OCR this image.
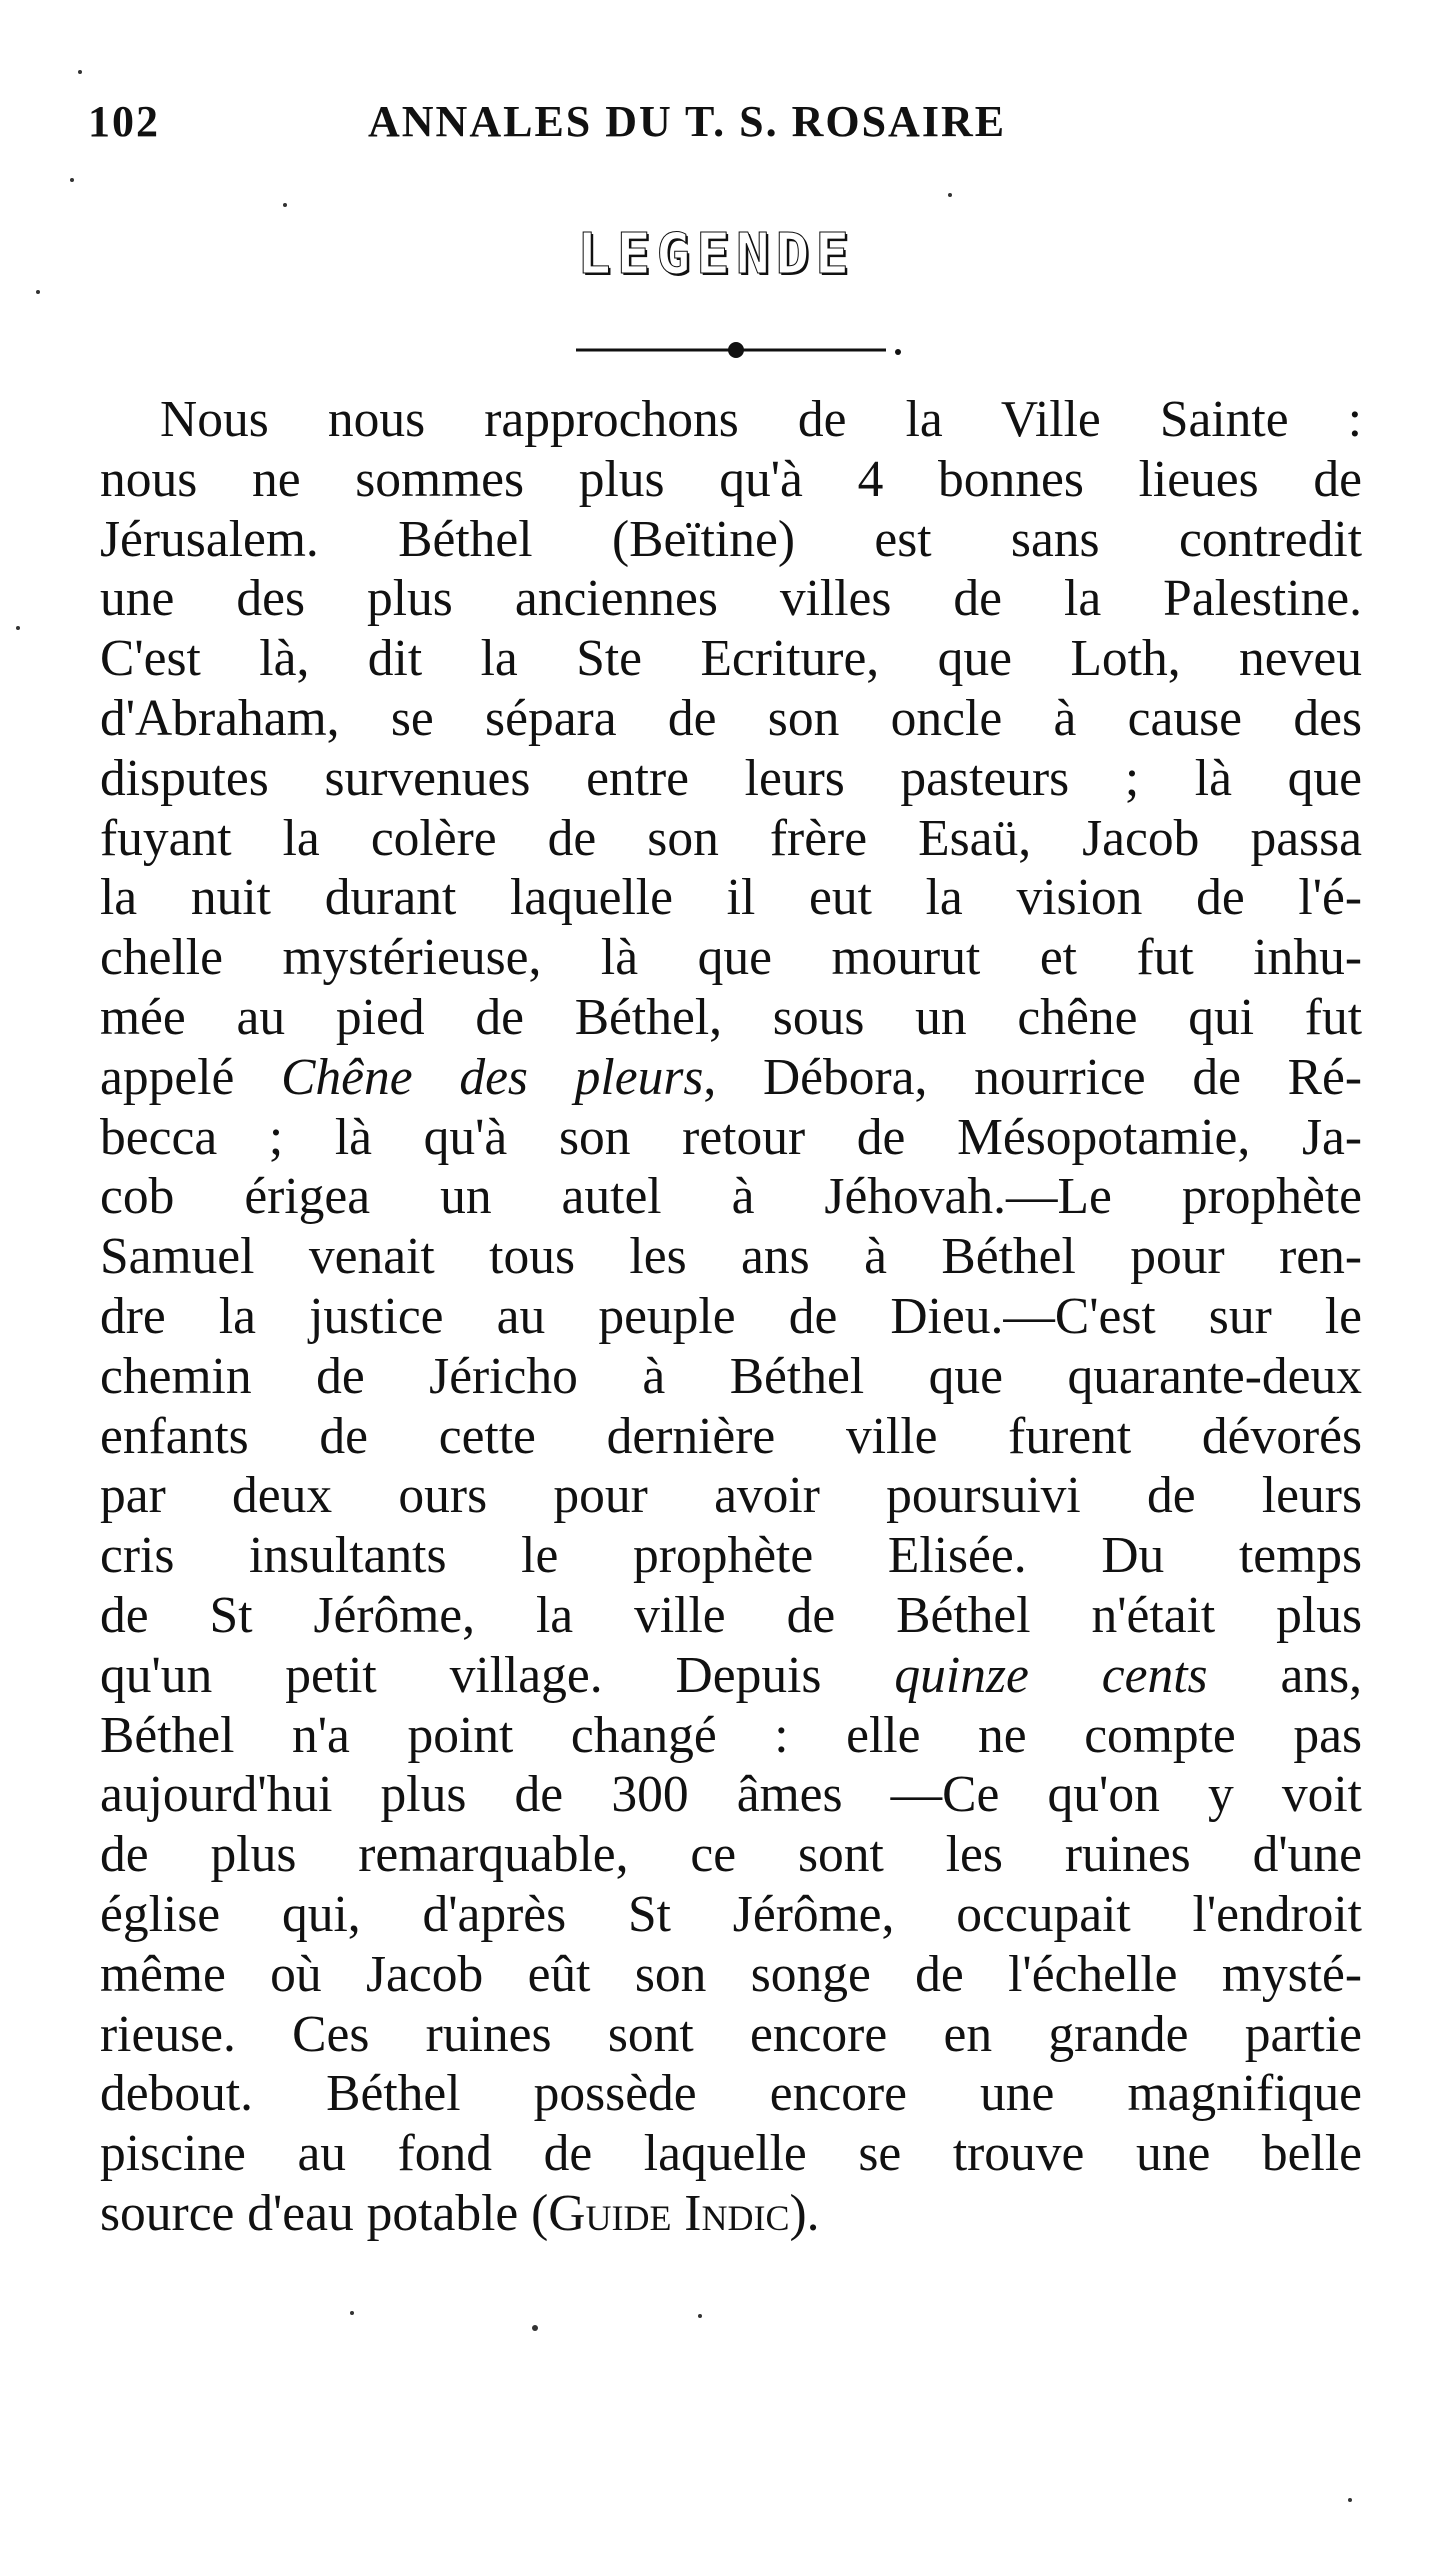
102	ANNALES DU T. S. ROSAIRE
LEGENDE
Nous nous rapprochons de la Ville Sainte :
nous ne sommes plus qu'à 4 bonnes lieues de
Jérusalem. Béthel (Beïtine) est sans contredit
une des plus anciennes villes de la Palestine.
C'est là, dit la Ste Ecriture, que Loth, neveu
d'Abraham, se sépara de son oncle à cause des
disputes survenues entre leurs pasteurs ; là que
fuyant la colère de son frère Esaü, Jacob passa
la nuit durant laquelle il eut la vision de l'é-
chelle mystérieuse, là que mourut et fut inhu-
mée au pied de Béthel, sous un chêne qui fut
appelé Chêne des pleurs, Débora, nourrice de Ré-
becca ; là qu'à son retour de Mésopotamie, Ja-
cob érigea un autel à Jéhovah.—Le prophète
Samuel venait tous les ans à Béthel pour ren-
dre la justice au peuple de Dieu.—C'est sur le
chemin de Jéricho à Béthel que quarante-deux
enfants de cette dernière ville furent dévorés
par deux ours pour avoir poursuivi de leurs
cris insultants le prophète Elisée. Du temps
de St Jérôme, la ville de Béthel n'était plus
qu'un petit village. Depuis quinze cents ans,
Béthel n'a point changé : elle ne compte pas
aujourd'hui plus de 300 âmes —Ce qu'on y voit
de plus remarquable, ce sont les ruines d'une
église qui, d'après St Jérôme, occupait l'endroit
même où Jacob eût son songe de l'échelle mysté-
rieuse. Ces ruines sont encore en grande partie
debout. Béthel possède encore une magnifique
piscine au fond de laquelle se trouve une belle
source d'eau potable (Guide Indic).
